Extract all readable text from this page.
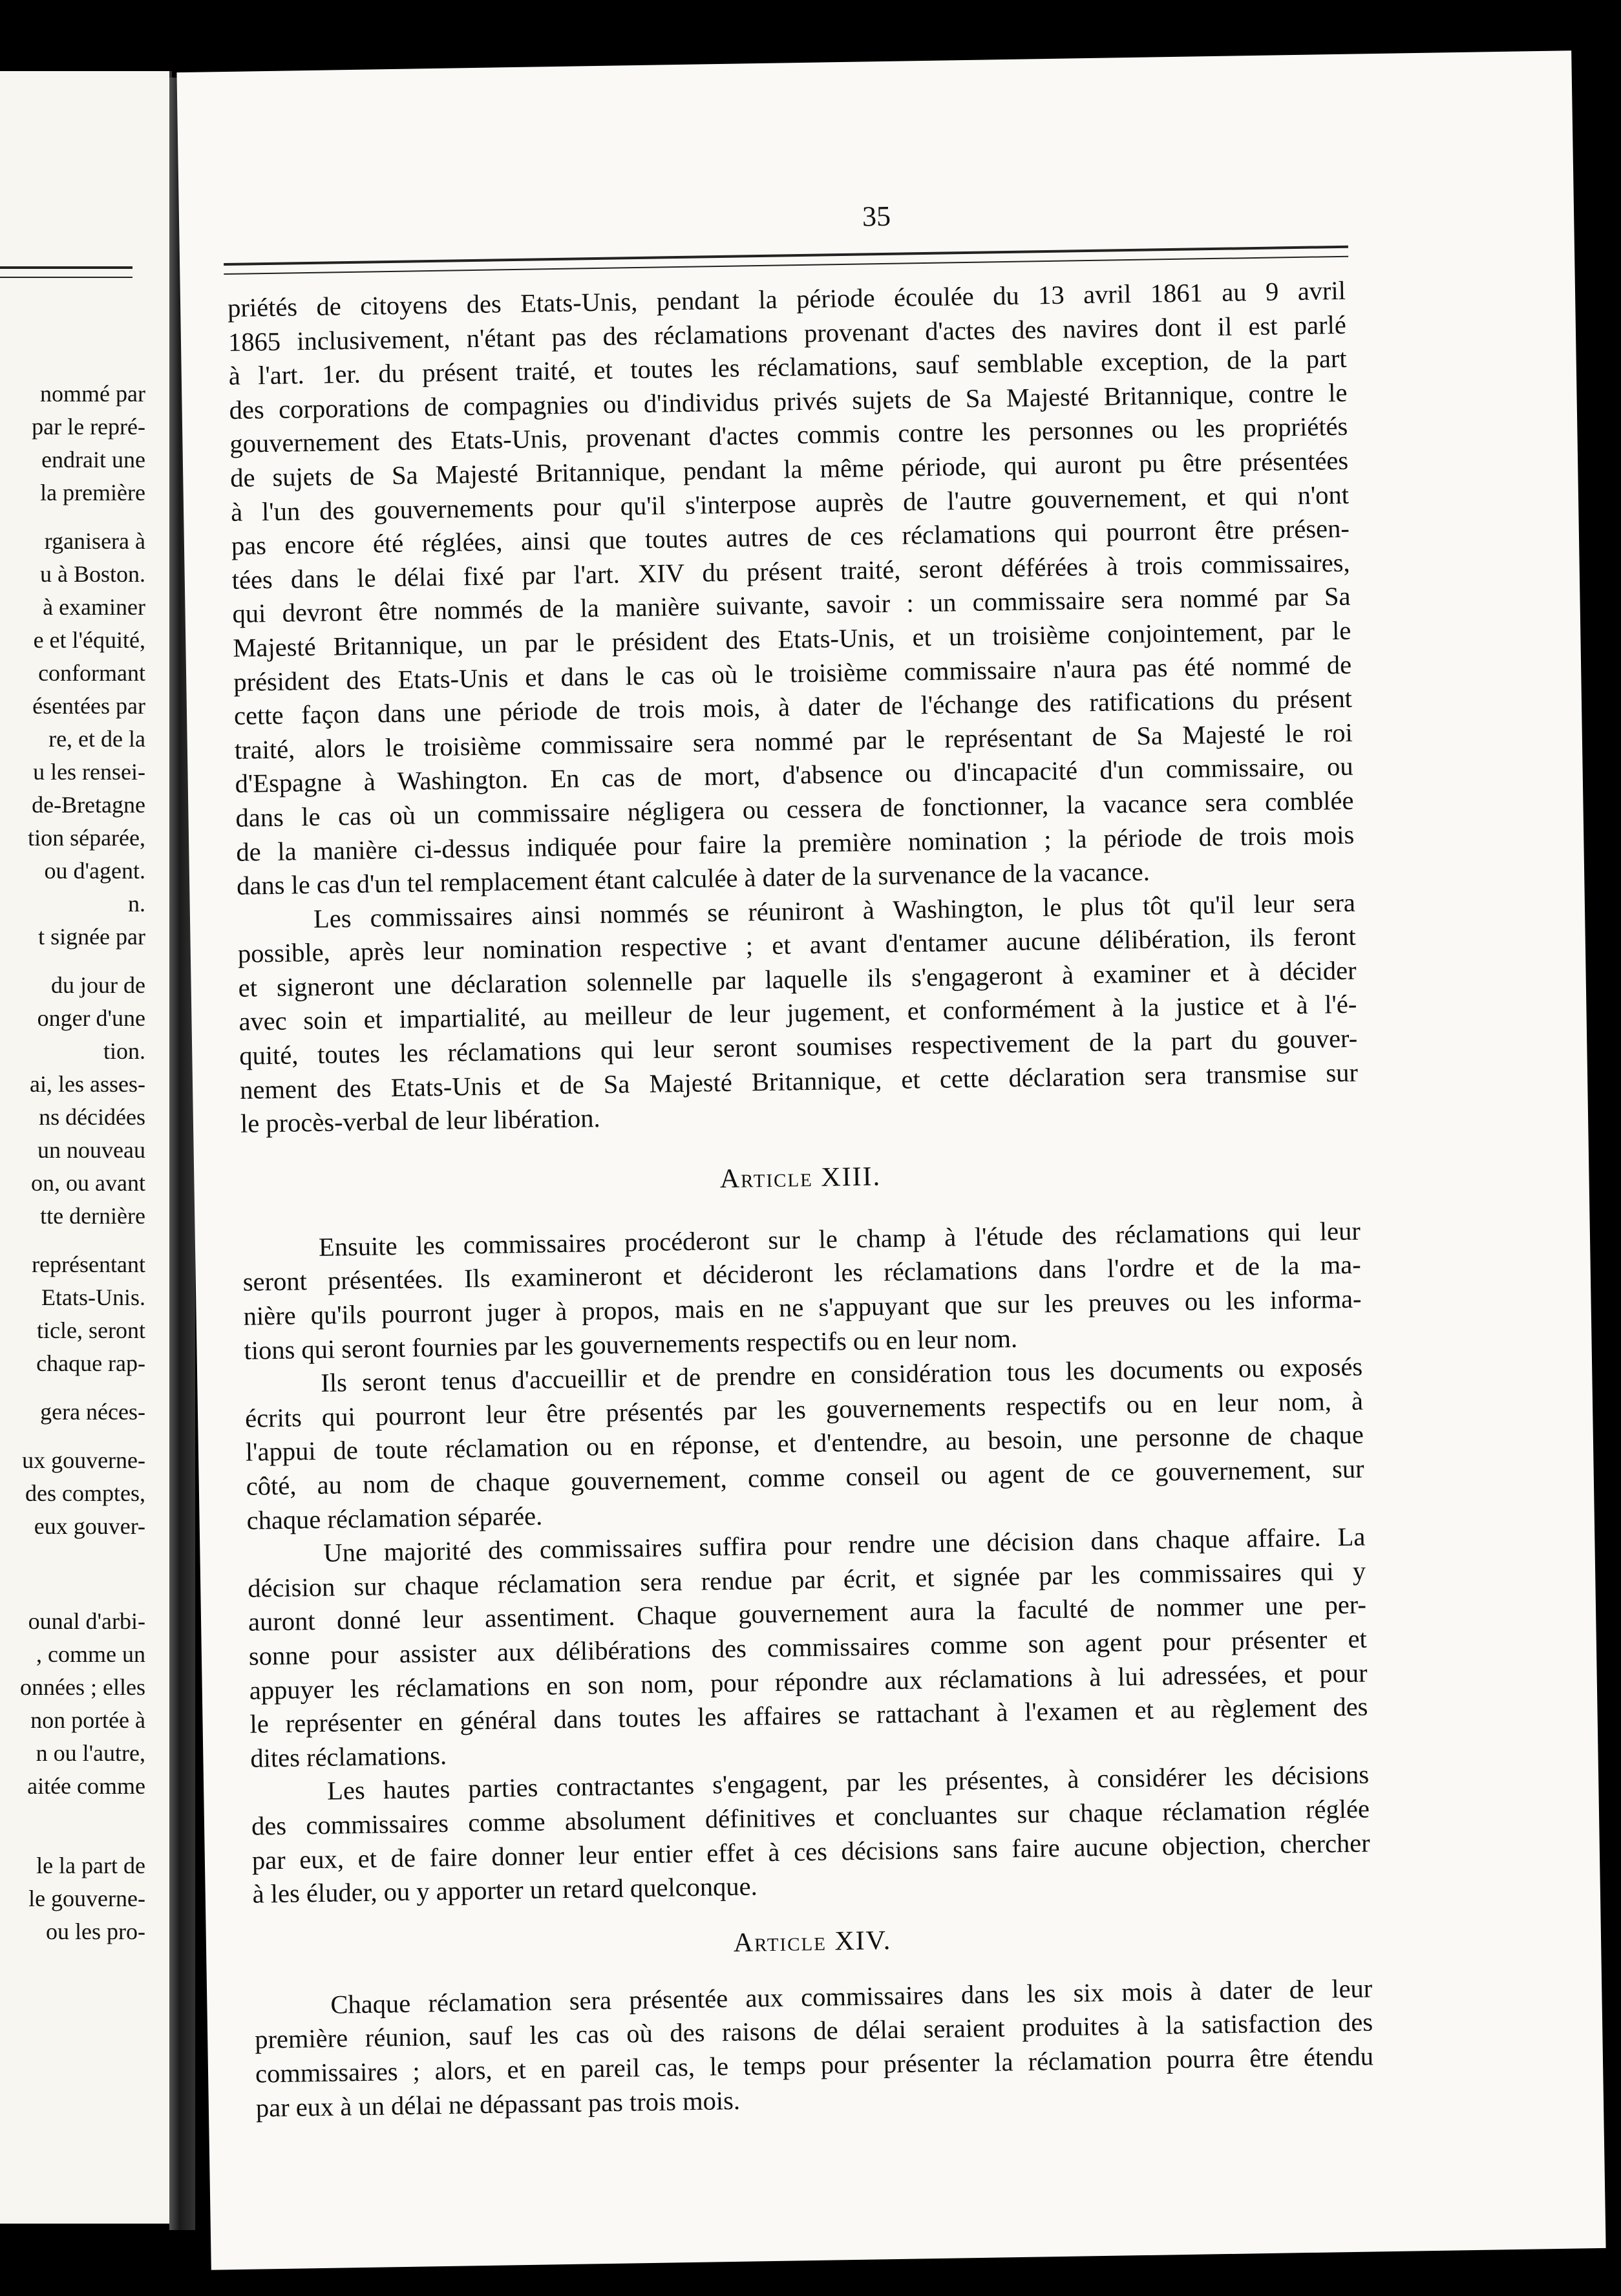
nommé par
par le repré-
endrait une
la première
rganisera à
u à Boston.
à examiner
e et l'équité,
conformant
ésentées par
re, et de la
u les rensei-
de-Bretagne
tion séparée,
ou d'agent.
n.
t signée par
du jour de
onger d'une
tion.
ai, les asses-
ns décidées
un nouveau
on, ou avant
tte dernière
représentant
Etats-Unis.
ticle, seront
chaque rap-
gera néces-
ux gouverne-
des comptes,
eux gouver-
ounal d'arbi-
, comme un
onnées ; elles
non portée à
n ou l'autre,
aitée comme
le la part de
le gouverne-
ou les pro-
35
priétés de citoyens des Etats-Unis, pendant la période écoulée du 13 avril 1861 au 9 avril
1865 inclusivement, n'étant pas des réclamations provenant d'actes des navires dont il est parlé
à l'art. 1er. du présent traité, et toutes les réclamations, sauf semblable exception, de la part
des corporations de compagnies ou d'individus privés sujets de Sa Majesté Britannique, contre le
gouvernement des Etats-Unis, provenant d'actes commis contre les personnes ou les propriétés
de sujets de Sa Majesté Britannique, pendant la même période, qui auront pu être présentées
à l'un des gouvernements pour qu'il s'interpose auprès de l'autre gouvernement, et qui n'ont
pas encore été réglées, ainsi que toutes autres de ces réclamations qui pourront être présen-
tées dans le délai fixé par l'art. XIV du présent traité, seront déférées à trois commissaires,
qui devront être nommés de la manière suivante, savoir : un commissaire sera nommé par Sa
Majesté Britannique, un par le président des Etats-Unis, et un troisième conjointement, par le
président des Etats-Unis et dans le cas où le troisième commissaire n'aura pas été nommé de
cette façon dans une période de trois mois, à dater de l'échange des ratifications du présent
traité, alors le troisième commissaire sera nommé par le représentant de Sa Majesté le roi
d'Espagne à Washington. En cas de mort, d'absence ou d'incapacité d'un commissaire, ou
dans le cas où un commissaire négligera ou cessera de fonctionner, la vacance sera comblée
de la manière ci-dessus indiquée pour faire la première nomination ; la période de trois mois
dans le cas d'un tel remplacement étant calculée à dater de la survenance de la vacance.
Les commissaires ainsi nommés se réuniront à Washington, le plus tôt qu'il leur sera
possible, après leur nomination respective ; et avant d'entamer aucune délibération, ils feront
et signeront une déclaration solennelle par laquelle ils s'engageront à examiner et à décider
avec soin et impartialité, au meilleur de leur jugement, et conformément à la justice et à l'é-
quité, toutes les réclamations qui leur seront soumises respectivement de la part du gouver-
nement des Etats-Unis et de Sa Majesté Britannique, et cette déclaration sera transmise sur
le procès-verbal de leur libération.
Article XIII.
Ensuite les commissaires procéderont sur le champ à l'étude des réclamations qui leur
seront présentées. Ils examineront et décideront les réclamations dans l'ordre et de la ma-
nière qu'ils pourront juger à propos, mais en ne s'appuyant que sur les preuves ou les informa-
tions qui seront fournies par les gouvernements respectifs ou en leur nom.
Ils seront tenus d'accueillir et de prendre en considération tous les documents ou exposés
écrits qui pourront leur être présentés par les gouvernements respectifs ou en leur nom, à
l'appui de toute réclamation ou en réponse, et d'entendre, au besoin, une personne de chaque
côté, au nom de chaque gouvernement, comme conseil ou agent de ce gouvernement, sur
chaque réclamation séparée.
Une majorité des commissaires suffira pour rendre une décision dans chaque affaire. La
décision sur chaque réclamation sera rendue par écrit, et signée par les commissaires qui y
auront donné leur assentiment. Chaque gouvernement aura la faculté de nommer une per-
sonne pour assister aux délibérations des commissaires comme son agent pour présenter et
appuyer les réclamations en son nom, pour répondre aux réclamations à lui adressées, et pour
le représenter en général dans toutes les affaires se rattachant à l'examen et au règlement des
dites réclamations.
Les hautes parties contractantes s'engagent, par les présentes, à considérer les décisions
des commissaires comme absolument définitives et concluantes sur chaque réclamation réglée
par eux, et de faire donner leur entier effet à ces décisions sans faire aucune objection, chercher
à les éluder, ou y apporter un retard quelconque.
Article XIV.
Chaque réclamation sera présentée aux commissaires dans les six mois à dater de leur
première réunion, sauf les cas où des raisons de délai seraient produites à la satisfaction des
commissaires ; alors, et en pareil cas, le temps pour présenter la réclamation pourra être étendu
par eux à un délai ne dépassant pas trois mois.
